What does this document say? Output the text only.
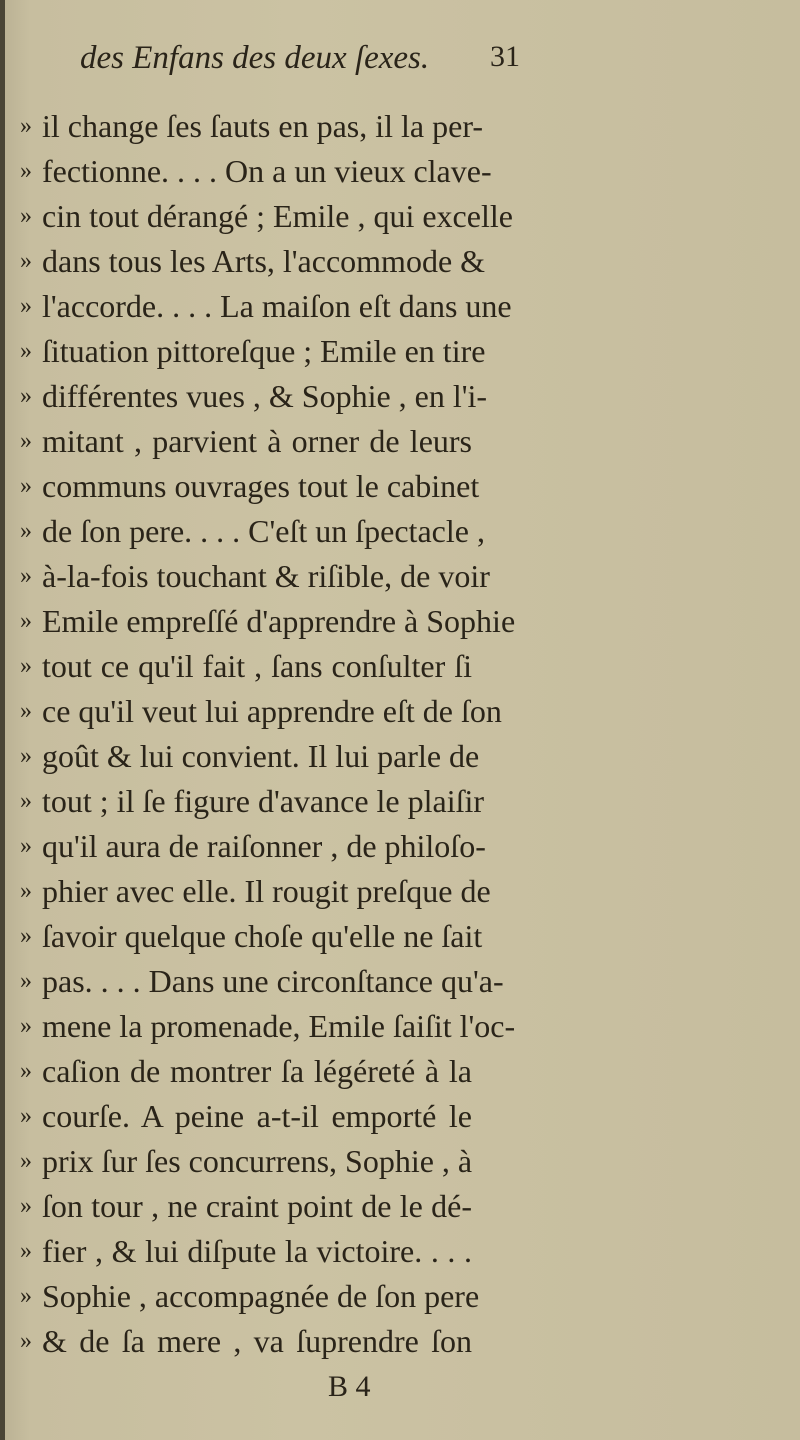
des Enfans des deux ſexes. 31
» il change ſes ſauts en pas, il la per-
» fectionne. . . . On a un vieux clave-
» cin tout dérangé ; Emile , qui excelle
» dans tous les Arts, l'accommode &
» l'accorde. . . . La maiſon eſt dans une
» ſituation pittoreſque ; Emile en tire
» différentes vues , & Sophie , en l'i-
» mitant , parvient à orner de leurs
» communs ouvrages tout le cabinet
» de ſon pere. . . . C'eſt un ſpectacle ,
» à-la-fois touchant & riſible, de voir
» Emile empreſſé d'apprendre à Sophie
» tout ce qu'il fait , ſans conſulter ſi
» ce qu'il veut lui apprendre eſt de ſon
» goût & lui convient. Il lui parle de
» tout ; il ſe figure d'avance le plaiſir
» qu'il aura de raiſonner , de philoſo-
» phier avec elle. Il rougit preſque de
» ſavoir quelque choſe qu'elle ne ſait
» pas. . . . Dans une circonſtance qu'a-
» mene la promenade, Emile ſaiſit l'oc-
» caſion de montrer ſa légéreté à la
» courſe. A peine a-t-il emporté le
» prix ſur ſes concurrens, Sophie , à
» ſon tour , ne craint point de le dé-
» fier , & lui diſpute la victoire. . . .
» Sophie , accompagnée de ſon pere
» & de ſa mere , va ſuprendre ſon
B 4
